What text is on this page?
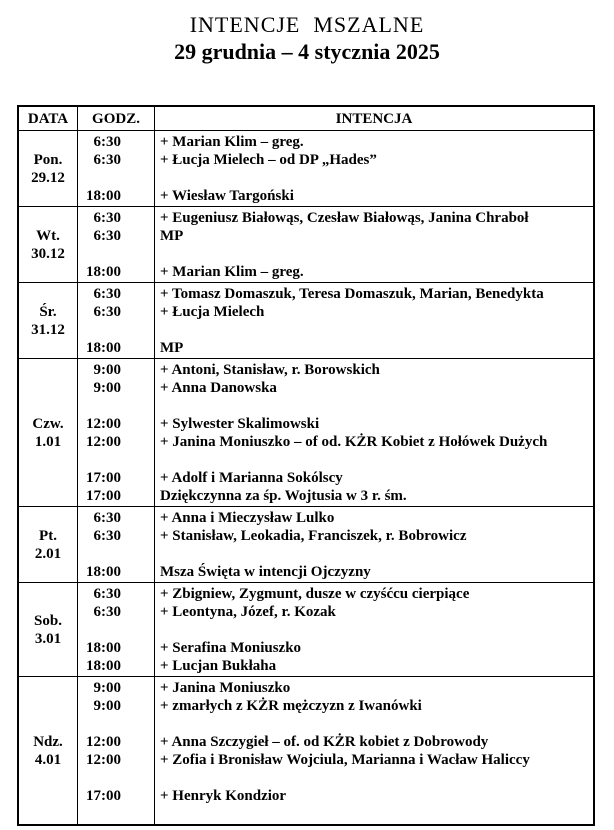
INTENCJE  MSZALNE
29 grudnia – 4 stycznia 2025
DATA	GODZ.	INTENCJA
Pon.
29.12
6:30
6:30
18:00
+ Marian Klim – greg.
+ Łucja Mielech – od DP „Hades”
+ Wiesław Targoński
Wt.
30.12
6:30
6:30
18:00
+ Eugeniusz Białowąs, Czesław Białowąs, Janina Chraboł
MP
+ Marian Klim – greg.
Śr.
31.12
6:30
6:30
18:00
+ Tomasz Domaszuk, Teresa Domaszuk, Marian, Benedykta
+ Łucja Mielech
MP
Czw.
1.01
9:00
9:00
12:00
12:00
17:00
17:00
+ Antoni, Stanisław, r. Borowskich
+ Anna Danowska
+ Sylwester Skalimowski
+ Janina Moniuszko – of od. KŻR Kobiet z Hołówek Dużych
+ Adolf i Marianna Sokólscy
Dziękczynna za śp. Wojtusia w 3 r. śm.
Pt.
2.01
6:30
6:30
18:00
+ Anna i Mieczysław Lulko
+ Stanisław, Leokadia, Franciszek, r. Bobrowicz
Msza Święta w intencji Ojczyzny
Sob.
3.01
6:30
6:30
18:00
18:00
+ Zbigniew, Zygmunt, dusze w czyśćcu cierpiące
+ Leontyna, Józef, r. Kozak
+ Serafina Moniuszko
+ Lucjan Bukłaha
Ndz.
4.01
9:00
9:00
12:00
12:00
17:00
+ Janina Moniuszko
+ zmarłych z KŻR mężczyzn z Iwanówki
+ Anna Szczygieł – of. od KŻR kobiet z Dobrowody
+ Zofia i Bronisław Wojciula, Marianna i Wacław Haliccy
+ Henryk Kondzior
